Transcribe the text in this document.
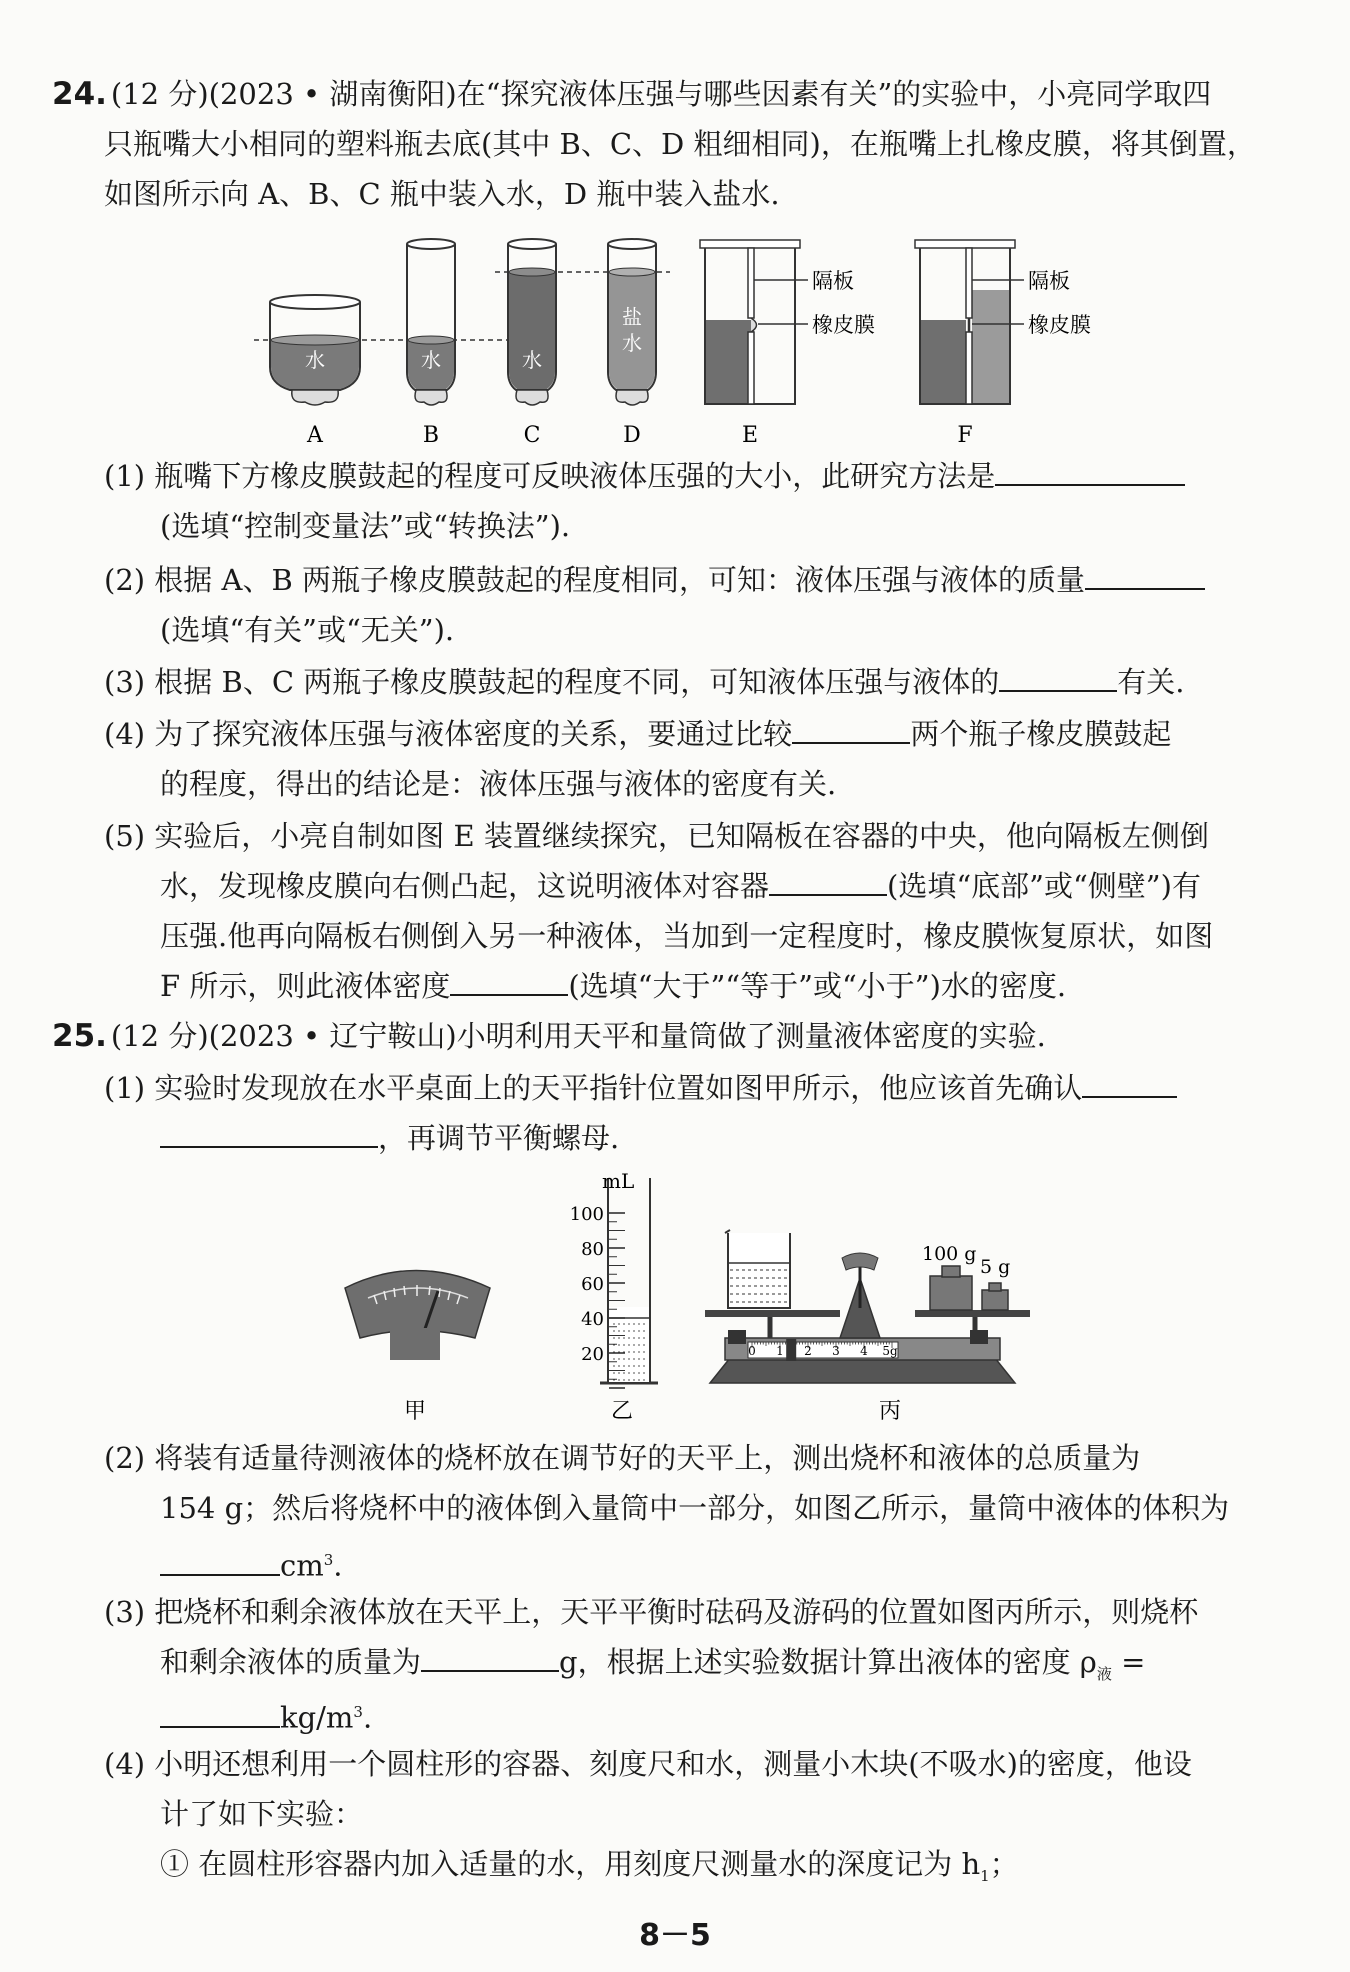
24. (12 分)(2023 • 湖南衡阳)在“探究液体压强与哪些因素有关”的实验中，小亮同学取四
只瓶嘴大小相同的塑料瓶去底(其中 B、C、D 粗细相同)，在瓶嘴上扎橡皮膜，将其倒置，
如图所示向 A、B、C 瓶中装入水，D 瓶中装入盐水.
水	水	水
盐
水
隔板
橡皮膜
隔板
橡皮膜
A	B	C	D	E	F
(1) 瓶嘴下方橡皮膜鼓起的程度可反映液体压强的大小，此研究方法是
(选填“控制变量法”或“转换法”).
(2) 根据 A、B 两瓶子橡皮膜鼓起的程度相同，可知：液体压强与液体的质量
(选填“有关”或“无关”).
(3) 根据 B、C 两瓶子橡皮膜鼓起的程度不同，可知液体压强与液体的	有关.
(4) 为了探究液体压强与液体密度的关系，要通过比较	两个瓶子橡皮膜鼓起
的程度，得出的结论是：液体压强与液体的密度有关.
(5) 实验后，小亮自制如图 E 装置继续探究，已知隔板在容器的中央，他向隔板左侧倒
水，发现橡皮膜向右侧凸起，这说明液体对容器	(选填“底部”或“侧壁”)有
压强.他再向隔板右侧倒入另一种液体，当加到一定程度时，橡皮膜恢复原状，如图
F 所示，则此液体密度	(选填“大于”“等于”或“小于”)水的密度.
25. (12 分)(2023 • 辽宁鞍山)小明利用天平和量筒做了测量液体密度的实验.
(1) 实验时发现放在水平桌面上的天平指针位置如图甲所示，他应该首先确认
，再调节平衡螺母.
甲
mL
100
80
60
40
20
乙
0 1 2 3 4 5g
100 g
5 g
丙
(2) 将装有适量待测液体的烧杯放在调节好的天平上，测出烧杯和液体的总质量为
154 g；然后将烧杯中的液体倒入量筒中一部分，如图乙所示，量筒中液体的体积为
$cm^3$.
(3) 把烧杯和剩余液体放在天平上，天平平衡时砝码及游码的位置如图丙所示，则烧杯
和剩余液体的质量为	g，根据上述实验数据计算出液体的密度 $\rho_液$ =
$kg/m^3$.
(4) 小明还想利用一个圆柱形的容器、刻度尺和水，测量小木块(不吸水)的密度，他设
计了如下实验：
① 在圆柱形容器内加入适量的水，用刻度尺测量水的深度记为 $h_1$；
8－5
